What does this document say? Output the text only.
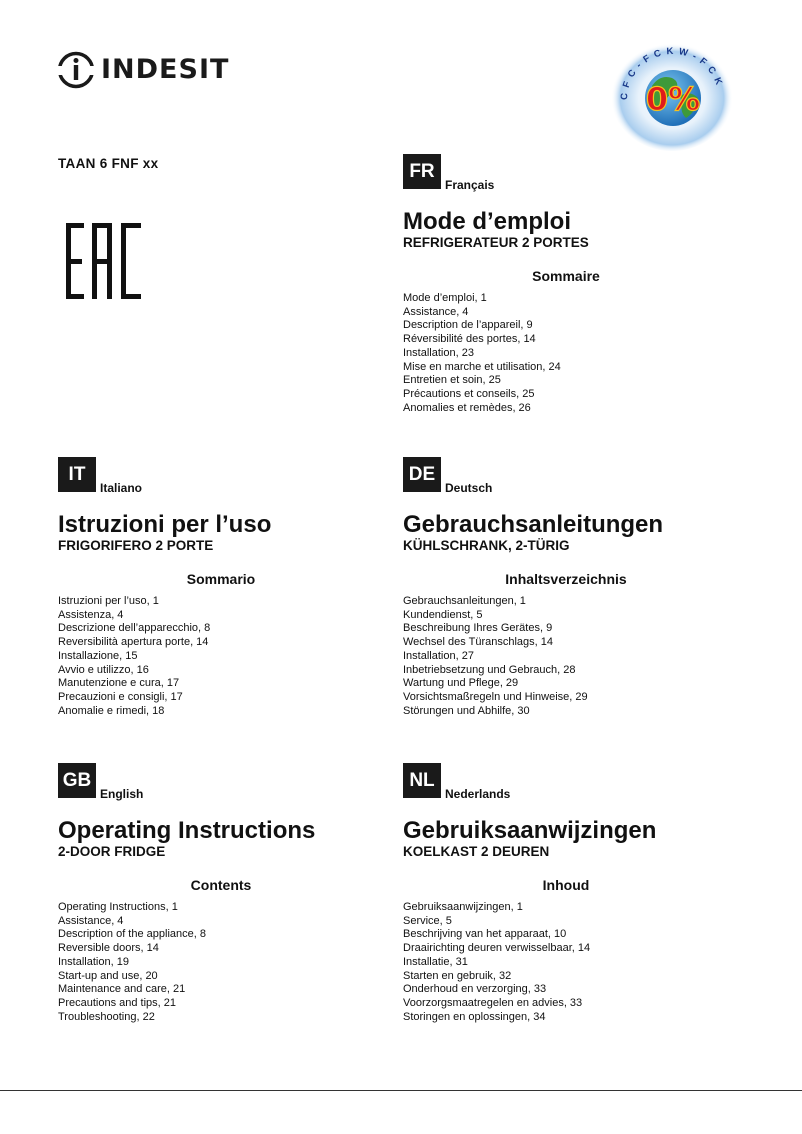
INDESIT
TAAN 6 FNF xx
0%
C F C - F C K W - F C K
FR
Français
Mode d’emploi
REFRIGERATEUR 2 PORTES
Sommaire
Mode d’emploi, 1
Assistance, 4
Description de l’appareil, 9
Réversibilité des portes, 14
Installation, 23
Mise en marche et utilisation, 24
Entretien et soin, 25
Précautions et conseils, 25
Anomalies et remèdes, 26
IT
Italiano
Istruzioni per l’uso
FRIGORIFERO 2 PORTE
Sommario
Istruzioni per l’uso, 1
Assistenza, 4
Descrizione dell’apparecchio, 8
Reversibilità apertura porte, 14
Installazione, 15
Avvio e utilizzo, 16
Manutenzione e cura, 17
Precauzioni e consigli, 17
Anomalie e rimedi, 18
DE
Deutsch
Gebrauchsanleitungen
KÜHLSCHRANK, 2-TÜRIG
Inhaltsverzeichnis
Gebrauchsanleitungen, 1
Kundendienst, 5
Beschreibung Ihres Gerätes, 9
Wechsel des Türanschlags, 14
Installation, 27
Inbetriebsetzung und Gebrauch, 28
Wartung und Pflege, 29
Vorsichtsmaßregeln und Hinweise, 29
Störungen und Abhilfe, 30
GB
English
Operating Instructions
2-DOOR FRIDGE
Contents
Operating Instructions, 1
Assistance, 4
Description of the appliance, 8
Reversible doors, 14
Installation, 19
Start-up and use, 20
Maintenance and care, 21
Precautions and tips, 21
Troubleshooting, 22
NL
Nederlands
Gebruiksaanwijzingen
KOELKAST 2 DEUREN
Inhoud
Gebruiksaanwijzingen, 1
Service, 5
Beschrijving van het apparaat, 10
Draairichting deuren verwisselbaar, 14
Installatie, 31
Starten en gebruik, 32
Onderhoud en verzorging, 33
Voorzorgsmaatregelen en advies, 33
Storingen en oplossingen, 34
